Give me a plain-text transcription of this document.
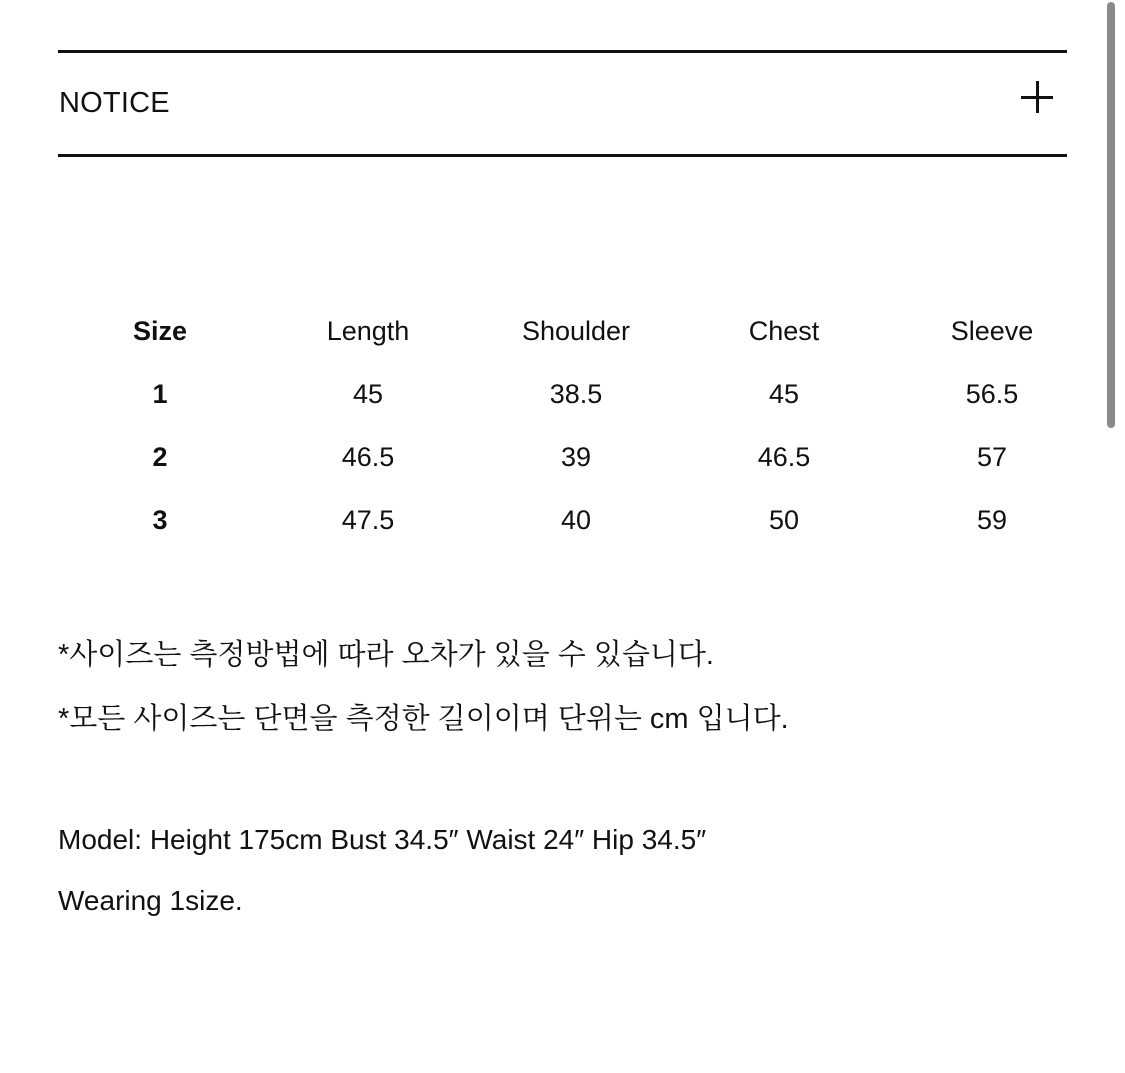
NOTICE
Size	Length	Shoulder	Chest	Sleeve
1	45	38.5	45	56.5
2	46.5	39	46.5	57
3	47.5	40	50	59
*사이즈는 측정방법에 따라 오차가 있을 수 있습니다.
*모든 사이즈는 단면을 측정한 길이이며 단위는 cm 입니다.
Model: Height 175cm Bust 34.5″ Waist 24″ Hip 34.5″
Wearing 1size.
